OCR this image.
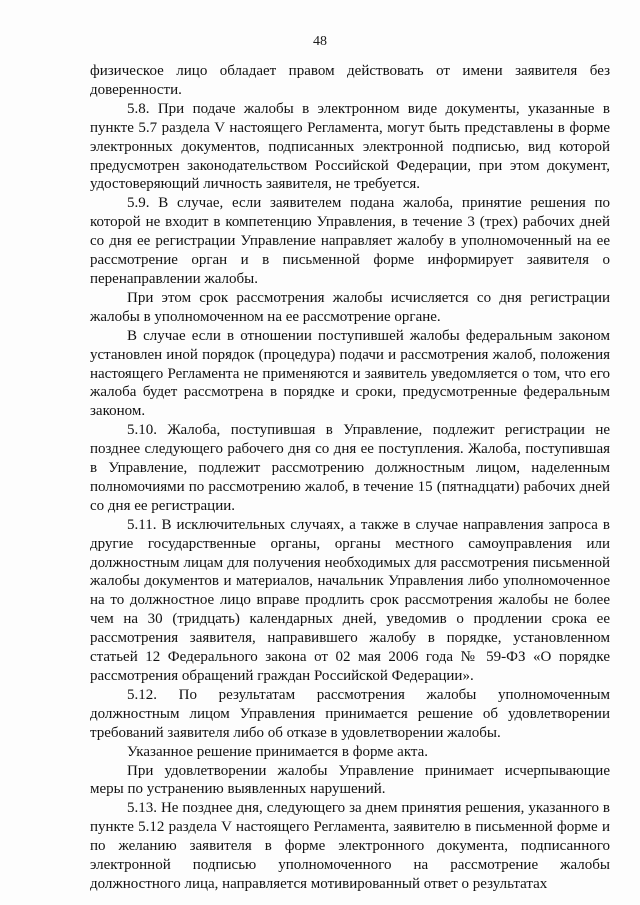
48

физическое лицо обладает правом действовать от имени заявителя без доверенности.

5.8. При подаче жалобы в электронном виде документы, указанные в пункте 5.7 раздела V настоящего Регламента, могут быть представлены в форме электронных документов, подписанных электронной подписью, вид которой предусмотрен законодательством Российской Федерации, при этом документ, удостоверяющий личность заявителя, не требуется.

5.9. В случае, если заявителем подана жалоба, принятие решения по которой не входит в компетенцию Управления, в течение 3 (трех) рабочих дней со дня ее регистрации Управление направляет жалобу в уполномоченный на ее рассмотрение орган и в письменной форме информирует заявителя о перенаправлении жалобы.

При этом срок рассмотрения жалобы исчисляется со дня регистрации жалобы в уполномоченном на ее рассмотрение органе.

В случае если в отношении поступившей жалобы федеральным законом установлен иной порядок (процедура) подачи и рассмотрения жалоб, положения настоящего Регламента не применяются и заявитель уведомляется о том, что его жалоба будет рассмотрена в порядке и сроки, предусмотренные федеральным законом.

5.10. Жалоба, поступившая в Управление, подлежит регистрации не позднее следующего рабочего дня со дня ее поступления. Жалоба, поступившая в Управление, подлежит рассмотрению должностным лицом, наделенным полномочиями по рассмотрению жалоб, в течение 15 (пятнадцати) рабочих дней со дня ее регистрации.

5.11. В исключительных случаях, а также в случае направления запроса в другие государственные органы, органы местного самоуправления или должностным лицам для получения необходимых для рассмотрения письменной жалобы документов и материалов, начальник Управления либо уполномоченное на то должностное лицо вправе продлить срок рассмотрения жалобы не более чем на 30 (тридцать) календарных дней, уведомив о продлении срока ее рассмотрения заявителя, направившего жалобу в порядке, установленном статьей 12 Федерального закона от 02 мая 2006 года № 59-ФЗ «О порядке рассмотрения обращений граждан Российской Федерации».

5.12. По результатам рассмотрения жалобы уполномоченным должностным лицом Управления принимается решение об удовлетворении требований заявителя либо об отказе в удовлетворении жалобы.

Указанное решение принимается в форме акта.

При удовлетворении жалобы Управление принимает исчерпывающие меры по устранению выявленных нарушений.

5.13. Не позднее дня, следующего за днем принятия решения, указанного в пункте 5.12 раздела V настоящего Регламента, заявителю в письменной форме и по желанию заявителя в форме электронного документа, подписанного электронной подписью уполномоченного на рассмотрение жалобы должностного лица, направляется мотивированный ответ о результатах
